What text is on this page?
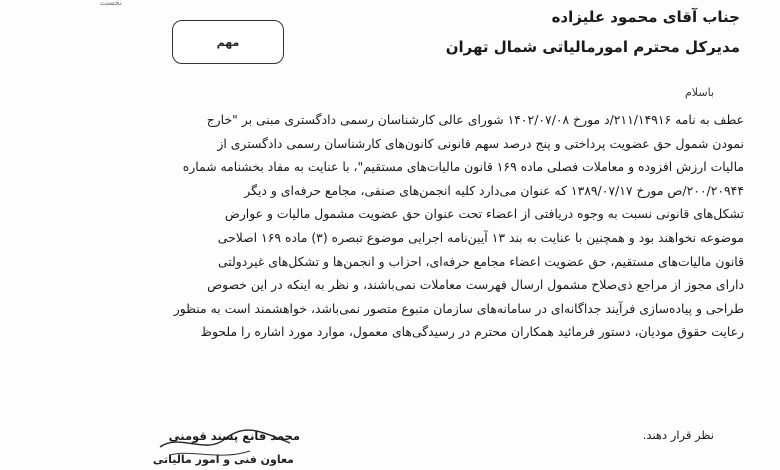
نخست
جناب آقای محمود علیزاده
مدیرکل محترم امورمالیاتی شمال تهران
مهم
باسلام
عطف به نامه ۲۱۱/۱۴۹۱۶/د مورخ ۱۴۰۲/۰۷/۰۸ شورای عالی کارشناسان رسمی دادگستری مبنی بر "خارج
نمودن شمول حق عضویت پرداختی و پنج درصد سهم قانونی کانون‌های کارشناسان رسمی دادگستری از
مالیات ارزش افزوده و معاملات فصلی ماده ۱۶۹ قانون مالیات‌های مستقیم"، با عنایت به مفاد بخشنامه شماره
۲۰۰/۲۰۹۴۴/ص مورخ ۱۳۸۹/۰۷/۱۷ که عنوان می‌دارد کلیه انجمن‌های صنفی، مجامع حرفه‌ای و دیگر
تشکل‌های قانونی نسبت به وجوه دریافتی از اعضاء تحت عنوان حق عضویت مشمول مالیات و عوارض
موضوعه نخواهند بود و همچنین با عنایت به بند ۱۳ آیین‌نامه اجرایی موضوع تبصره (۳) ماده ۱۶۹ اصلاحی
قانون مالیات‌های مستقیم، حق عضویت اعضاء مجامع حرفه‌ای، احزاب و انجمن‌ها و تشکل‌های غیردولتی
دارای مجوز از مراجع ذی‌صلاح مشمول ارسال فهرست معاملات نمی‌باشند، و نظر به اینکه در این خصوص
طراحی و پیاده‌سازی فرآیند جداگانه‌ای در سامانه‌های سازمان متبوع متصور نمی‌باشد، خواهشمند است به منظور
رعایت حقوق مودیان، دستور فرمائید همکاران محترم در رسیدگی‌های معمول، موارد مورد اشاره را ملحوظ
نظر قرار دهند.
محمد قانع پسند قومنی
معاون فنی و امور مالیاتی
